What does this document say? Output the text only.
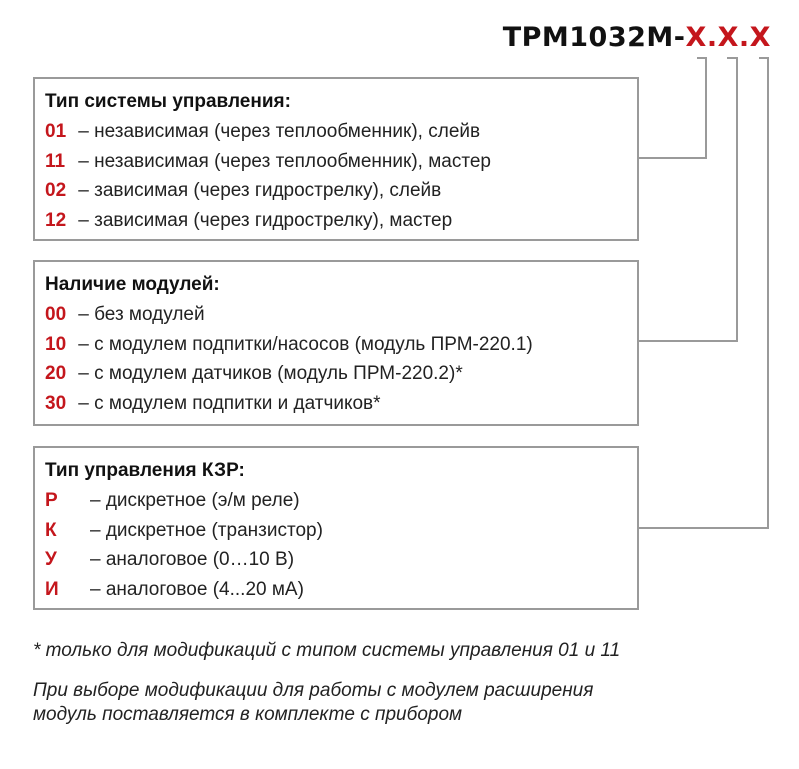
ТРМ1032М-X.X.X
Тип системы управления:
01 – независимая (через теплообменник), слейв
11 – независимая (через теплообменник), мастер
02 – зависимая (через гидрострелку), слейв
12 – зависимая (через гидрострелку), мастер
Наличие модулей:
00 – без модулей
10 – с модулем подпитки/насосов (модуль ПРМ-220.1)
20 – с модулем датчиков (модуль ПРМ-220.2)*
30 – с модулем подпитки и датчиков*
Тип управления КЗР:
Р – дискретное (э/м реле)
К – дискретное (транзистор)
У – аналоговое (0…10 В)
И – аналоговое (4...20 мА)
* только для модификаций с типом системы управления 01 и 11
При выборе модификации для работы с модулем расширения
модуль поставляется в комплекте с прибором
